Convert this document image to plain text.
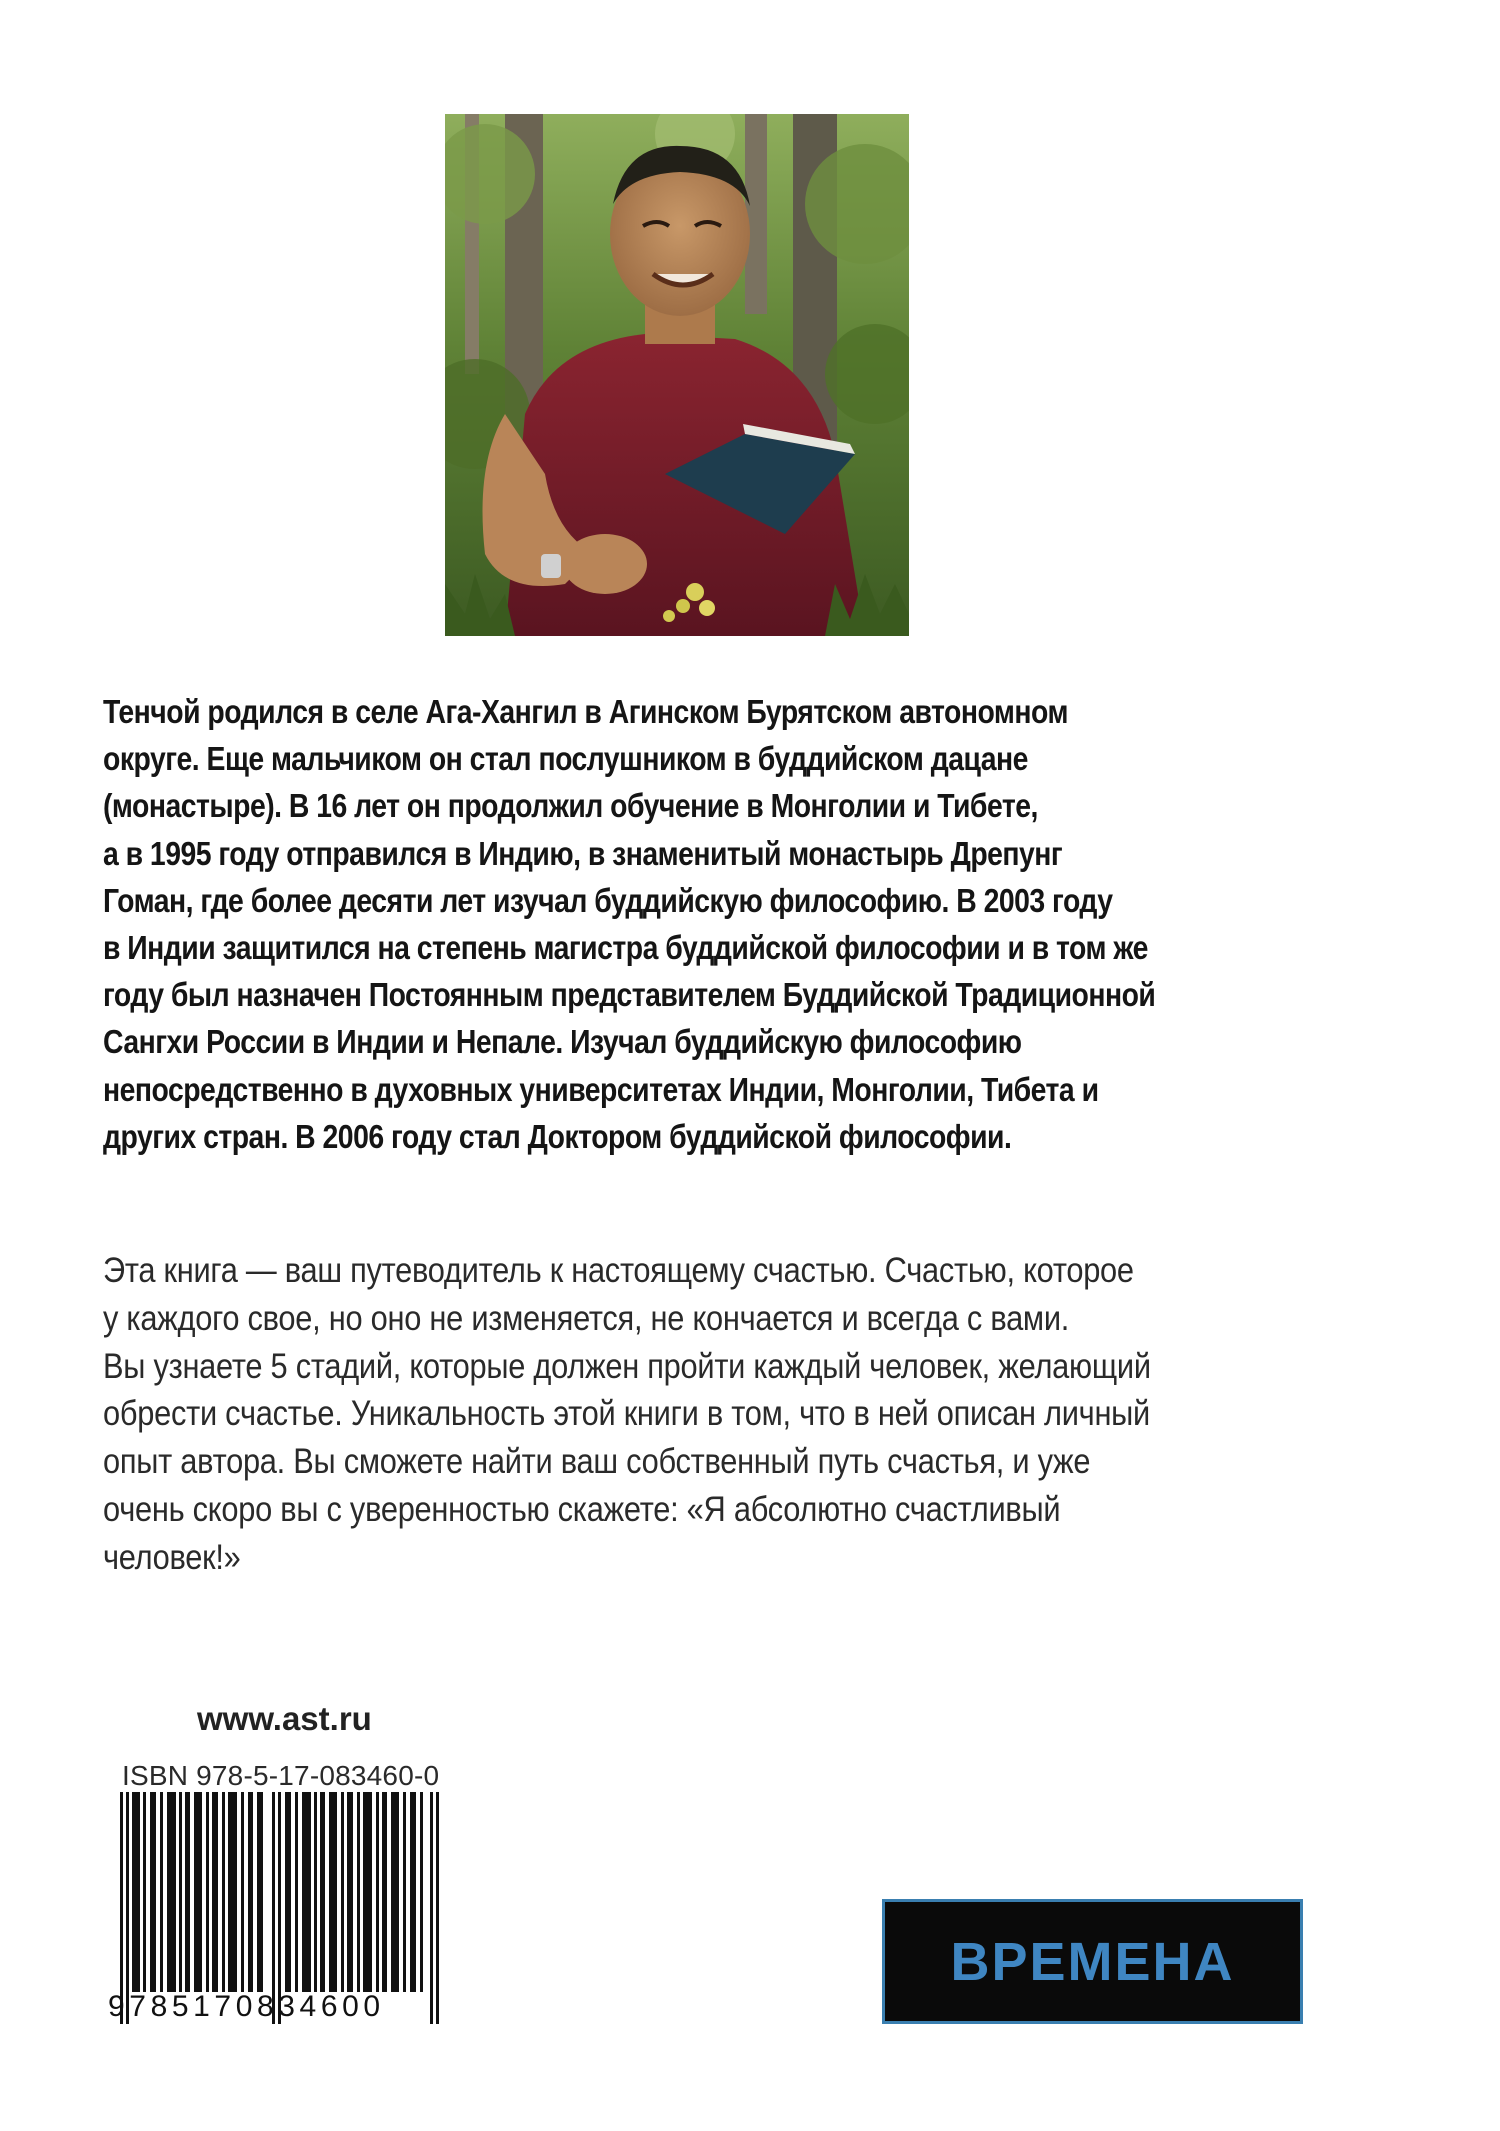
Тенчой родился в селе Ага-Хангил в Агинском Бурятском автономном
округе. Еще мальчиком он стал послушником в буддийском дацане
(монастыре). В 16 лет он продолжил обучение в Монголии и Тибете,
а в 1995 году отправился в Индию, в знаменитый монастырь Дрепунг
Гоман, где более десяти лет изучал буддийскую философию. В 2003 году
в Индии защитился на степень магистра буддийской философии и в том же
году был назначен Постоянным представителем Буддийской Традиционной
Сангхи России в Индии и Непале. Изучал буддийскую философию
непосредственно в духовных университетах Индии, Монголии, Тибета и
других стран. В 2006 году стал Доктором буддийской философии.

Эта книга — ваш путеводитель к настоящему счастью. Счастью, которое
у каждого свое, но оно не изменяется, не кончается и всегда с вами.
Вы узнаете 5 стадий, которые должен пройти каждый человек, желающий
обрести счастье. Уникальность этой книги в том, что в ней описан личный
опыт автора. Вы сможете найти ваш собственный путь счастья, и уже
очень скоро вы с уверенностью скажете: «Я абсолютно счастливый
человек!»

www.ast.ru
ISBN 978-5-17-083460-0
9785170834600
ВРЕМЕНА
